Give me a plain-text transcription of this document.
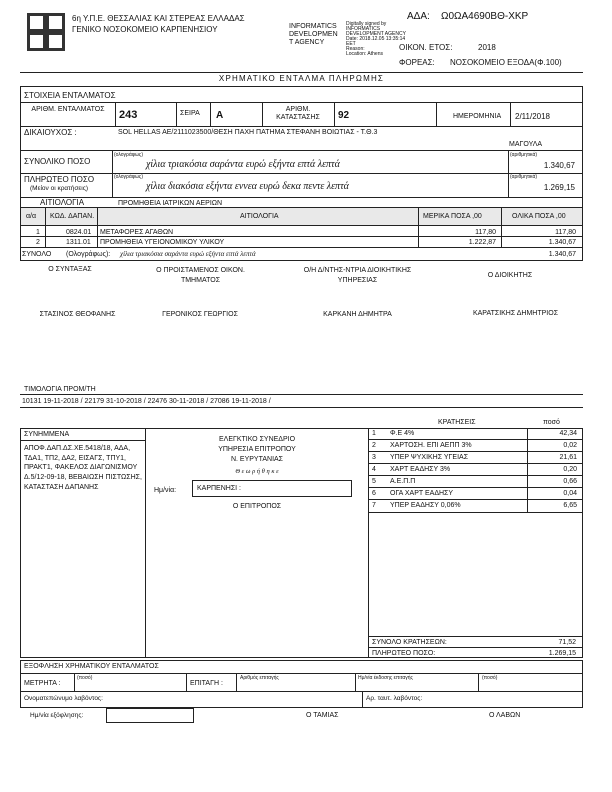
6η Υ.Π.Ε. ΘΕΣΣΑΛΙΑΣ ΚΑΙ ΣΤΕΡΕΑΣ ΕΛΛΑΔΑΣ
ΓΕΝΙΚΟ ΝΟΣΟΚΟΜΕΙΟ ΚΑΡΠΕΝΗΣΙΟΥ
ΑΔΑ: Ω0ΩΑ4690ΒΘ-ΧΚΡ
INFORMATICS
DEVELOPMEN
T AGENCY
Digitally signed by
INFORMATICS
DEVELOPMENT AGENCY
Date: 2018.12.05 13:35:14
EET
Reason:
Location: Athens
ΟΙΚΟΝ. ΕΤΟΣ:	2018
ΦΟΡΕΑΣ: ΝΟΣΟΚΟΜΕΙΟ ΕΞΟΔΑ(Φ.100)
ΧΡΗΜΑΤΙΚΟ ΕΝΤΑΛΜΑ ΠΛΗΡΩΜΗΣ
ΣΤΟΙΧΕΙΑ ΕΝΤΑΛΜΑΤΟΣ
ΑΡΙΘΜ. ΕΝΤΑΛΜΑΤΟΣ	243	ΣΕΙΡΑ Α
ΑΡΙΘΜ. ΚΑΤΑΣΤΑΣΗΣ	92	ΗΜΕΡΟΜΗΝΙΑ 2/11/2018
ΔΙΚΑΙΟΥΧΟΣ :	SOL HELLAS AE/2111023500/ΘΕΣΗ ΠΑΧΗ ΠΑΤΗΜΑ ΣΤΕΦΑΝΗ ΒΟΙΩΤΙΑΣ - Τ.Θ.3
ΜΑΓΟΥΛΑ
ΣΥΝΟΛΙΚΟ ΠΟΣΟ
(ολογράφως)
χίλια τριακόσια σαράντα ευρώ εξήντα επτά λεπτά
(αριθμητικά)
1.340,67
ΠΛΗΡΩΤΕΟ ΠΟΣΟ
(Μείον οι κρατήσεις)
(ολογράφως)
χίλια διακόσια εξήντα εννεα ευρώ δεκα πεντε λεπτά
(αριθμητικά)
1.269,15
ΑΙΤΙΟΛΟΓΙΑ	ΠΡΟΜΗΘΕΙΑ ΙΑΤΡΙΚΩΝ ΑΕΡΙΩΝ
α/α ΚΩΔ. ΔΑΠΑΝ.	ΑΙΤΙΟΛΟΓΙΑ	ΜΕΡΙΚΑ ΠΟΣΑ ,00	ΟΛΙΚΑ ΠΟΣΑ ,00
1	0824.01 ΜΕΤΑΦΟΡΕΣ ΑΓΑΘΩΝ	117,80	117,80
2	1311.01 ΠΡΟΜΗΘΕΙΑ ΥΓΕΙΟΝΟΜΙΚΟΥ ΥΛΙΚΟΥ	1.222,87	1.340,67
ΣΥΝΟΛΟ (Ολογράφως): χίλια τριακόσια σαράντα ευρώ εξήντα επτά λεπτά	1.340,67
Ο ΣΥΝΤΑΞΑΣ	Ο ΠΡΟΙΣΤΑΜΕΝΟΣ ΟΙΚΟΝ. ΤΜΗΜΑΤΟΣ
Ο/Η Δ/ΝΤΗΣ-ΝΤΡΙΑ ΔΙΟΙΚΗΤΙΚΗΣ ΥΠΗΡΕΣΙΑΣ
Ο ΔΙΟΙΚΗΤΗΣ
ΣΤΑΣΙΝΟΣ ΘΕΟΦΑΝΗΣ	ΓΕΡΟΝΙΚΟΣ ΓΕΩΡΓΙΟΣ	ΚΑΡΚΑΝΗ ΔΗΜΗΤΡΑ	ΚΑΡΑΤΣΙΚΗΣ ΔΗΜΗΤΡΙΟΣ
ΤΙΜΟΛΟΓΙΑ ΠΡΟΜ/ΤΗ
10131 19-11-2018 / 22179 31-10-2018 / 22476 30-11-2018 / 27086 19-11-2018 /
ΚΡΑΤΗΣΕΙΣ	ποσό
ΣΥΝΗΜΜΕΝΑ
ΑΠΟΦ.ΔΑΠ.ΔΣ.ΧΕ.5418/18, ΑΔΑ, ΤΔΑ1, ΤΠ2, ΔΑ2, ΕΙΣΑΓΣ, ΤΠΥ1, ΠΡΑΚΤ1, ΦΑΚΕΛΟΣ ΔΙΑΓΩΝΙΣΜΟΥ Δ.5/12-09-18, ΒΕΒΑΙΩΣΗ ΠΙΣΤΩΣΗΣ, ΚΑΤΑΣΤΑΣΗ ΔΑΠΑΝΗΣ
ΕΛΕΓΚΤΙΚΟ ΣΥΝΕΔΡΙΟ
ΥΠΗΡΕΣΙΑ ΕΠΙΤΡΟΠΟΥ
Ν. ΕΥΡΥΤΑΝΙΑΣ
Θ ε ω ρ ή θ η κ ε
Ημ/νία:	ΚΑΡΠΕΝΗΣΙ :
Ο ΕΠΙΤΡΟΠΟΣ
1 Φ.Ε 4%	42,34
2 ΧΑΡΤΟΣΗ. ΕΠΙ ΑΕΠΠ 3%	0,02
3 ΥΠΕΡ ΨΥΧΙΚΗΣ ΥΓΕΙΑΣ	21,61
4 ΧΑΡΤ ΕΑΔΗΣΥ 3%	0,20
5 Α.Ε.Π.Π	0,66
6 ΟΓΑ ΧΑΡΤ ΕΑΔΗΣΥ	0,04
7 ΥΠΕΡ ΕΑΔΗΣΥ 0,06%	6,65
ΣΥΝΟΛΟ ΚΡΑΤΗΣΕΩΝ:	71,52
ΠΛΗΡΩΤΕΟ ΠΟΣΟ:	1.269,15
ΕΞΟΦΛΗΣΗ ΧΡΗΜΑΤΙΚΟΥ ΕΝΤΑΛΜΑΤΟΣ
ΜΕΤΡΗΤΑ :
(ποσό)
ΕΠΙΤΑΓΗ :
Αριθμός επιταγής	Ημ/νία έκδοσης επιταγής	(ποσό)
Ονοματεπώνυμο λαβόντος:	Αρ. ταυτ. λαβόντος:
Ημ/νία εξόφλησης:	Ο ΤΑΜΙΑΣ	Ο ΛΑΒΩΝ
